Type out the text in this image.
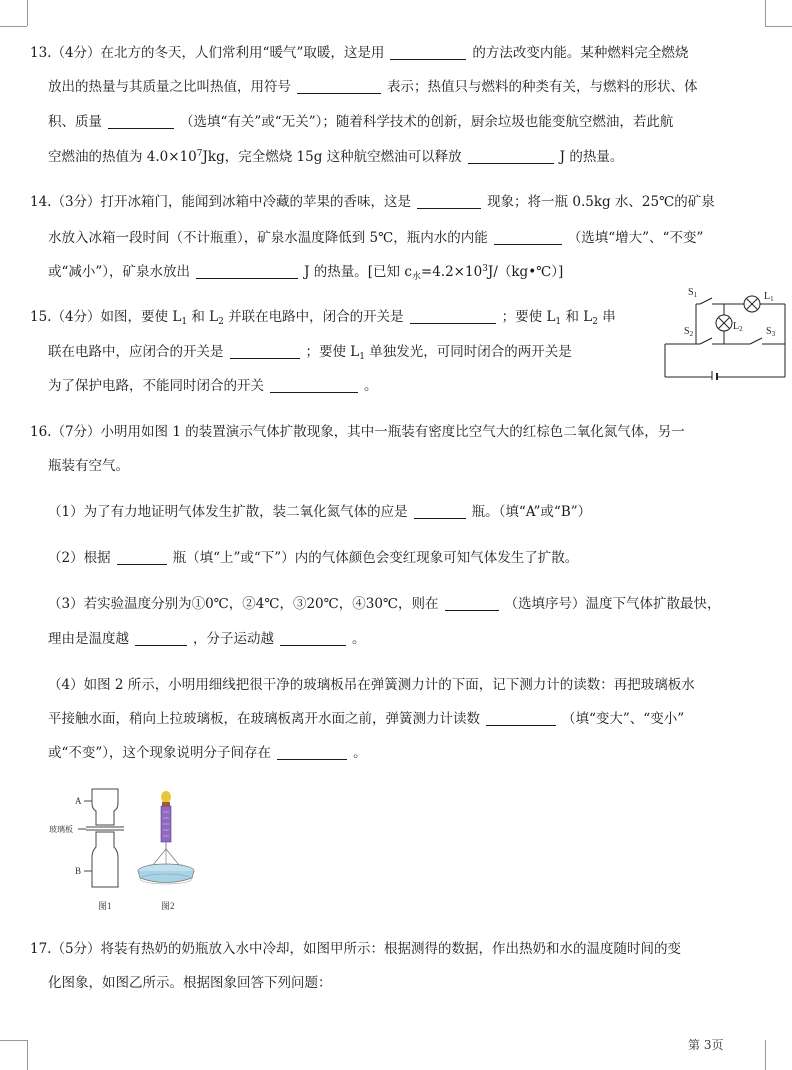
13.（4分）在北方的冬天，人们常利用“暖气”取暖，这是用	的方法改变内能。某种燃料完全燃烧
放出的热量与其质量之比叫热值，用符号	表示；热值只与燃料的种类有关，与燃料的形状、体
积、质量	（选填“有关”或“无关”）；随着科学技术的创新，厨余垃圾也能变航空燃油，若此航
空燃油的热值为 $4.0\times 10^7Jkg$，完全燃烧 15g 这种航空燃油可以释放	J 的热量。
14.（3分）打开冰箱门，能闻到冰箱中冷藏的苹果的香味，这是	现象；将一瓶 0.5kg 水、25℃的矿泉
水放入冰箱一段时间（不计瓶重），矿泉水温度降低到 5℃，瓶内水的内能	（选填“增大”、“不变”
或“减小”），矿泉水放出	J 的热量。[已知 $c_水=4.2\times 10^3J/(kg•℃)$]
15.（4分）如图，要使 $L_1$ 和 $L_2$ 并联在电路中，闭合的开关是	；要使 $L_1$ 和 $L_2$ 串
联在电路中，应闭合的开关是	；要使 $L_1$ 单独发光，可同时闭合的两开关是
为了保护电路，不能同时闭合的开关	。
$S_1$
$S_2$	$S_3$
$L_1$
$L_2$
16.（7分）小明用如图 1 的装置演示气体扩散现象，其中一瓶装有密度比空气大的红棕色二氧化氮气体，另一
瓶装有空气。
（1）为了有力地证明气体发生扩散，装二氧化氮气体的应是	瓶。（填“A”或“B”）
（2）根据	瓶（填“上”或“下”）内的气体颜色会变红现象可知气体发生了扩散。
（3）若实验温度分别为①0℃，②4℃，③20℃，④30℃，则在	（选填序号）温度下气体扩散最快，
理由是温度越	，分子运动越	。
（4）如图 2 所示，小明用细线把很干净的玻璃板吊在弹簧测力计的下面，记下测力计的读数：再把玻璃板水
平接触水面，稍向上拉玻璃板，在玻璃板离开水面之前，弹簧测力计读数	（填“变大”、“变小”
或“不变”），这个现象说明分子间存在	。
A
玻璃板
B
图1	图2
17.（5分）将装有热奶的奶瓶放入水中冷却，如图甲所示：根据测得的数据，作出热奶和水的温度随时间的变
化图象，如图乙所示。根据图象回答下列问题：
第 3页
